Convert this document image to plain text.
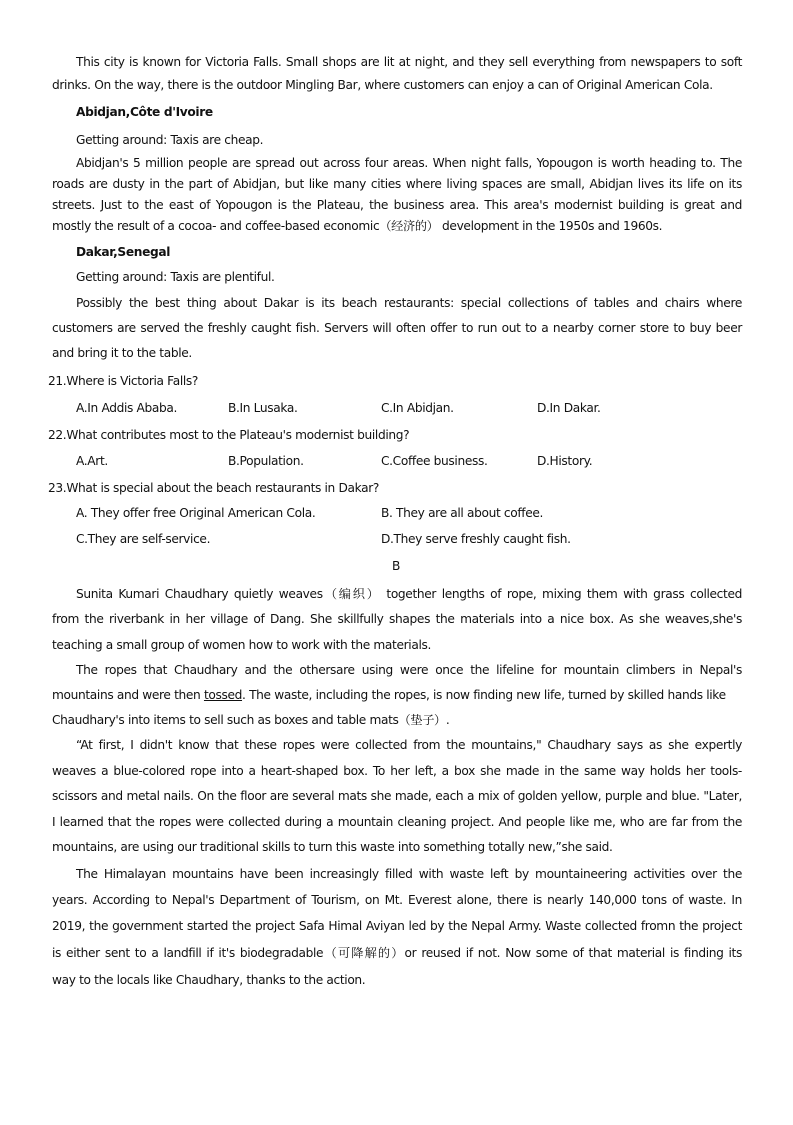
This city is known for Victoria Falls. Small shops are lit at night, and they sell everything from newspapers to soft

drinks. On the way, there is the outdoor Mingling Bar, where customers can enjoy a can of Original American Cola.

Abidjan,Côte d'Ivoire

Getting around: Taxis are cheap.

Abidjan's 5 million people are spread out across four areas. When night falls, Yopougon is worth heading to. The

roads are dusty in the part of Abidjan, but like many cities where living spaces are small, Abidjan lives its life on its

streets. Just to the east of Yopougon is the Plateau, the business area. This area's modernist building is great and

mostly the result of a cocoa- and coffee-based economic（经济的） development in the 1950s and 1960s.

Dakar,Senegal

Getting around: Taxis are plentiful.

Possibly the best thing about Dakar is its beach restaurants: special collections of tables and chairs where

customers are served the freshly caught fish. Servers will often offer to run out to a nearby corner store to buy beer

and bring it to the table.

21.Where is Victoria Falls?

A.In Addis Ababa.	B.In Lusaka.	C.In Abidjan.	D.In Dakar.

22.What contributes most to the Plateau's modernist building?

A.Art.	B.Population.	C.Coffee business.	D.History.

23.What is special about the beach restaurants in Dakar?

A. They offer free Original American Cola.	B. They are all about coffee.

C.They are self-service.	D.They serve freshly caught fish.

B

Sunita Kumari Chaudhary quietly weaves（编织） together lengths of rope, mixing them with grass collected

from the riverbank in her village of Dang. She skillfully shapes the materials into a nice box. As she weaves,she's

teaching a small group of women how to work with the materials.

The ropes that Chaudhary and the othersare using were once the lifeline for mountain climbers in Nepal's

mountains and were then tossed. The waste, including the ropes, is now finding new life, turned by skilled hands like

Chaudhary's into items to sell such as boxes and table mats（垫子）.

“At first, I didn't know that these ropes were collected from the mountains," Chaudhary says as she expertly

weaves a blue-colored rope into a heart-shaped box. To her left, a box she made in the same way holds her tools-

scissors and metal nails. On the floor are several mats she made, each a mix of golden yellow, purple and blue. "Later,

I learned that the ropes were collected during a mountain cleaning project. And people like me, who are far from the

mountains, are using our traditional skills to turn this waste into something totally new,”she said.

The Himalayan mountains have been increasingly filled with waste left by mountaineering activities over the

years. According to Nepal's Department of Tourism, on Mt. Everest alone, there is nearly 140,000 tons of waste. In

2019, the government started the project Safa Himal Aviyan led by the Nepal Army. Waste collected fromn the project

is either sent to a landfill if it's biodegradable（可降解的）or reused if not. Now some of that material is finding its

way to the locals like Chaudhary, thanks to the action.
